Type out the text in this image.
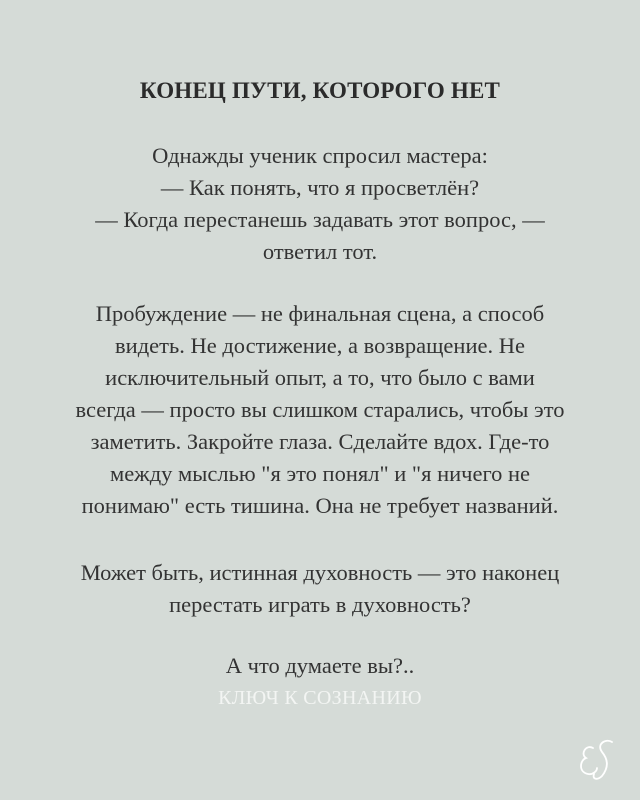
КОНЕЦ ПУТИ, КОТОРОГО НЕТ
Однажды ученик спросил мастера:
— Как понять, что я просветлён?
— Когда перестанешь задавать этот вопрос, —
ответил тот.
Пробуждение — не финальная сцена, а способ
видеть. Не достижение, а возвращение. Не
исключительный опыт, а то, что было с вами
всегда — просто вы слишком старались, чтобы это
заметить. Закройте глаза. Сделайте вдох. Где-то
между мыслью "я это понял" и "я ничего не
понимаю" есть тишина. Она не требует названий.
Может быть, истинная духовность — это наконец
перестать играть в духовность?
А что думаете вы?..
КЛЮЧ К СОЗНАНИЮ
